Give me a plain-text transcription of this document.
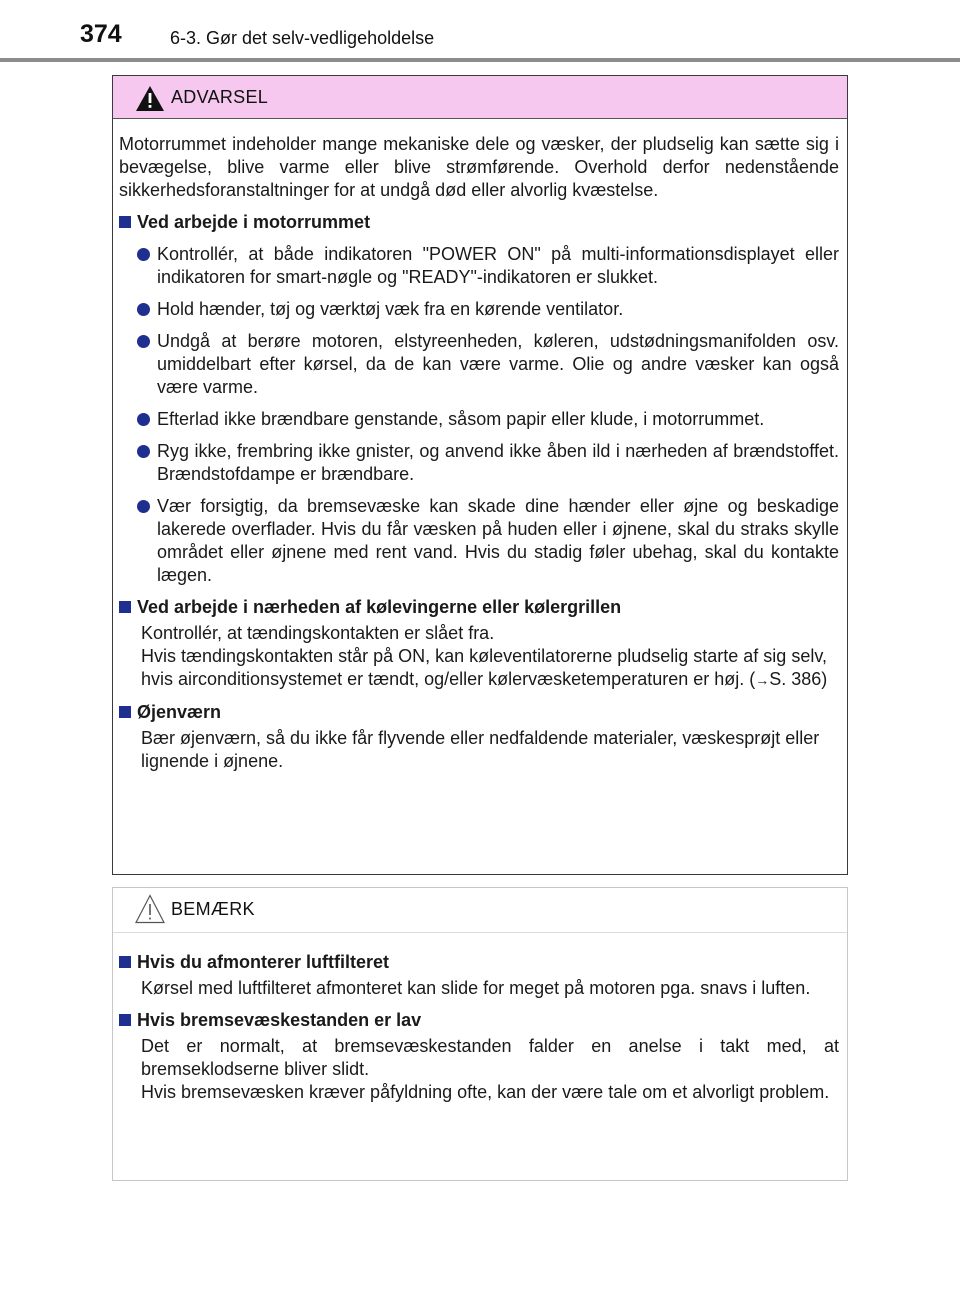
374	6-3. Gør det selv-vedligeholdelse
ADVARSEL

Motorrummet indeholder mange mekaniske dele og væsker, der pludselig kan sætte sig i bevægelse, blive varme eller blive strømførende. Overhold derfor nedenstående sikkerhedsforanstaltninger for at undgå død eller alvorlig kvæstelse.

Ved arbejde i motorrummet
Kontrollér, at både indikatoren "POWER ON" på multi-informationsdisplayet eller indikatoren for smart-nøgle og "READY"-indikatoren er slukket.
Hold hænder, tøj og værktøj væk fra en kørende ventilator.
Undgå at berøre motoren, elstyreenheden, køleren, udstødningsmanifolden osv. umiddelbart efter kørsel, da de kan være varme. Olie og andre væsker kan også være varme.
Efterlad ikke brændbare genstande, såsom papir eller klude, i motorrummet.
Ryg ikke, frembring ikke gnister, og anvend ikke åben ild i nærheden af brændstoffet. Brændstofdampe er brændbare.
Vær forsigtig, da bremsevæske kan skade dine hænder eller øjne og beskadige lakerede overflader. Hvis du får væsken på huden eller i øjnene, skal du straks skylle området eller øjnene med rent vand. Hvis du stadig føler ubehag, skal du kontakte lægen.
Ved arbejde i nærheden af kølevingerne eller kølergrillen
Kontrollér, at tændingskontakten er slået fra.
Hvis tændingskontakten står på ON, kan køleventilatorerne pludselig starte af sig selv, hvis airconditionsystemet er tændt, og/eller kølervæsketemperaturen er høj. (→S. 386)
Øjenværn
Bær øjenværn, så du ikke får flyvende eller nedfaldende materialer, væskesprøjt eller lignende i øjnene.
BEMÆRK
Hvis du afmonterer luftfilteret
Kørsel med luftfilteret afmonteret kan slide for meget på motoren pga. snavs i luften.
Hvis bremsevæskestanden er lav
Det er normalt, at bremsevæskestanden falder en anelse i takt med, at bremseklodserne bliver slidt.
Hvis bremsevæsken kræver påfyldning ofte, kan der være tale om et alvorligt problem.
